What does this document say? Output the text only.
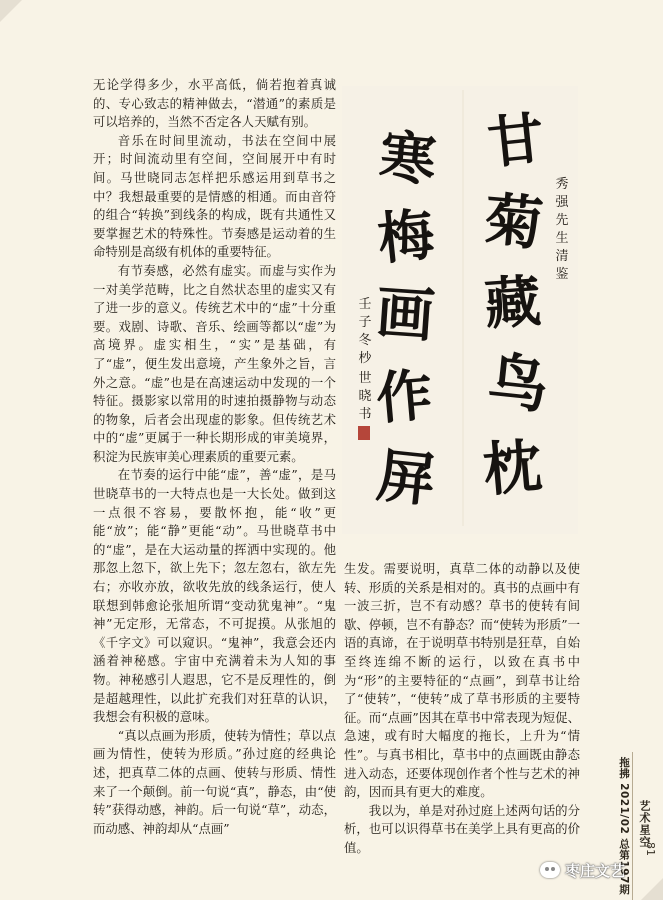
无论学得多少，水平高低，倘若抱着真诚的、专心致志的精神做去，“潜通”的素质是可以培养的，当然不否定各人天赋有别。

音乐在时间里流动，书法在空间中展开；时间流动里有空间，空间展开中有时间。马世晓同志怎样把乐感运用到草书之中？我想最重要的是情感的相通。而由音符的组合“转换”到线条的构成，既有共通性又要掌握艺术的特殊性。节奏感是运动着的生命特别是高级有机体的重要特征。

有节奏感，必然有虚实。而虚与实作为一对美学范畴，比之自然状态里的虚实又有了进一步的意义。传统艺术中的“虚”十分重要。戏剧、诗歌、音乐、绘画等都以“虚”为高境界。虚实相生，“实”是基础，有了“虚”，便生发出意境，产生象外之旨，言外之意。“虚”也是在高速运动中发现的一个特征。摄影家以常用的时速拍摄静物与动态的物象，后者会出现虚的影象。但传统艺术中的“虚”更属于一种长期形成的审美境界，积淀为民族审美心理素质的重要元素。

在节奏的运行中能“虚”，善“虚”，是马世晓草书的一大特点也是一大长处。做到这一点很不容易，要散怀抱，能“收”更能“放”；能“静”更能“动”。马世晓草书中的“虚”，是在大运动量的挥洒中实现的。他那忽上忽下，欲上先下；忽左忽右，欲左先右；亦收亦放，欲收先放的线条运行，使人联想到韩愈论张旭所谓“变动犹鬼神”。“鬼神”无定形，无常态，不可捉摸。从张旭的《千字文》可以窥识。“鬼神”，我意会还内涵着神秘感。宇宙中充满着未为人知的事物。神秘感引人遐思，它不是反理性的，倒是超越理性，以此扩充我们对狂草的认识，我想会有积极的意味。

“真以点画为形质，使转为情性；草以点画为情性，使转为形质。”孙过庭的经典论述，把真草二体的点画、使转与形质、情性来了一个颠倒。前一句说“真”，静态，由“使转”获得动感，神韵。后一句说“草”，动态，而动感、神韵却从“点画”

甘
菊
藏
鸟
枕
寒
梅
画
作
屏
秀
强
先
生
清
鉴
壬
子
冬
杪
世
晓
书

生发。需要说明，真草二体的动静以及使转、形质的关系是相对的。真书的点画中有一波三折，岂不有动感？草书的使转有间歇、停顿，岂不有静态？而“使转为形质”一语的真谛，在于说明草书特别是狂草，自始至终连绵不断的运行，以致在真书中为“形”的主要特征的“点画”，到草书让给了“使转”，“使转”成了草书形质的主要特征。而“点画”因其在草书中常表现为短促、急速，或有时大幅度的拖长，上升为“情性”。与真书相比，草书中的点画既由静态进入动态，还要体现创作者个性与艺术的神韵，因而具有更大的难度。

我以为，单是对孙过庭上述两句话的分析，也可以识得草书在美学上具有更高的价值。	拖拂 2021/02 总第197期 艺术星空
81
枣庄文艺
